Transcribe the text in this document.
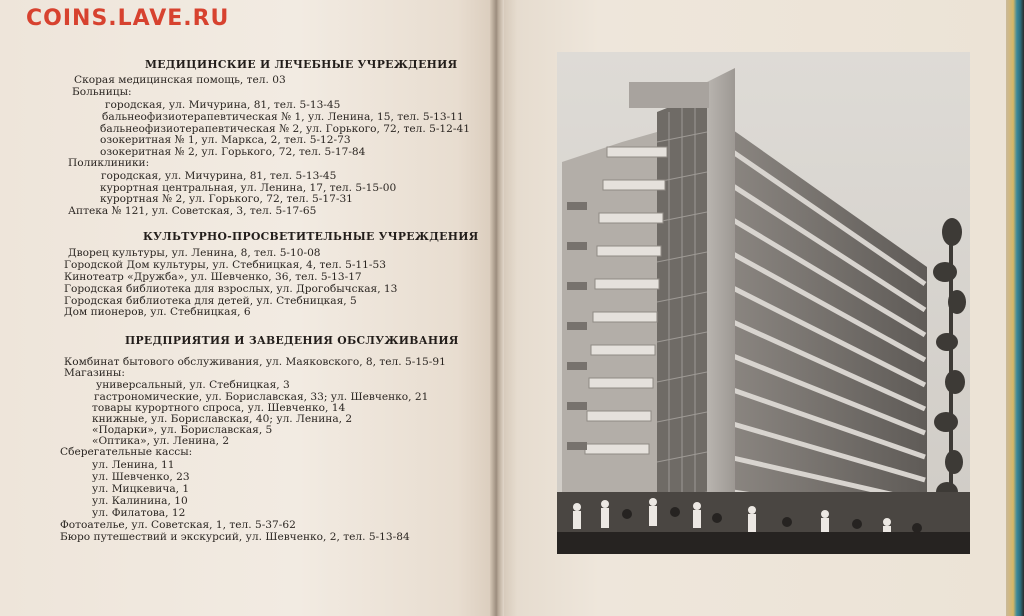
COINS.LAVE.RU
МЕДИЦИНСКИЕ И ЛЕЧЕБНЫЕ УЧРЕЖДЕНИЯ
Скорая медицинская помощь, тел. 03
Больницы:
городская, ул. Мичурина, 81, тел. 5-13-45
бальнеофизиотерапевтическая № 1, ул. Ленина, 15, тел. 5-13-11
бальнеофизиотерапевтическая № 2, ул. Горького, 72, тел. 5-12-41
озокеритная № 1, ул. Маркса, 2, тел. 5-12-73
озокеритная № 2, ул. Горького, 72, тел. 5-17-84
Поликлиники:
городская, ул. Мичурина, 81, тел. 5-13-45
курортная центральная, ул. Ленина, 17, тел. 5-15-00
курортная № 2, ул. Горького, 72, тел. 5-17-31
Аптека № 121, ул. Советская, 3, тел. 5-17-65
КУЛЬТУРНО-ПРОСВЕТИТЕЛЬНЫЕ УЧРЕЖДЕНИЯ
Дворец культуры, ул. Ленина, 8, тел. 5-10-08
Городской Дом культуры, ул. Стебницкая, 4, тел. 5-11-53
Кинотеатр «Дружба», ул. Шевченко, 36, тел. 5-13-17
Городская библиотека для взрослых, ул. Дрогобычская, 13
Городская библиотека для детей, ул. Стебницкая, 5
Дом пионеров, ул. Стебницкая, 6
ПРЕДПРИЯТИЯ И ЗАВЕДЕНИЯ ОБСЛУЖИВАНИЯ
Комбинат бытового обслуживания, ул. Маяковского, 8, тел. 5-15-91
Магазины:
универсальный, ул. Стебницкая, 3
гастрономические, ул. Бориславская, 33; ул. Шевченко, 21
товары курортного спроса, ул. Шевченко, 14
книжные, ул. Бориславская, 40; ул. Ленина, 2
«Подарки», ул. Бориславская, 5
«Оптика», ул. Ленина, 2
Сберегательные кассы:
ул. Ленина, 11
ул. Шевченко, 23
ул. Мицкевича, 1
ул. Калинина, 10
ул. Филатова, 12
Фотоателье, ул. Советская, 1, тел. 5-37-62
Бюро путешествий и экскурсий, ул. Шевченко, 2, тел. 5-13-84
